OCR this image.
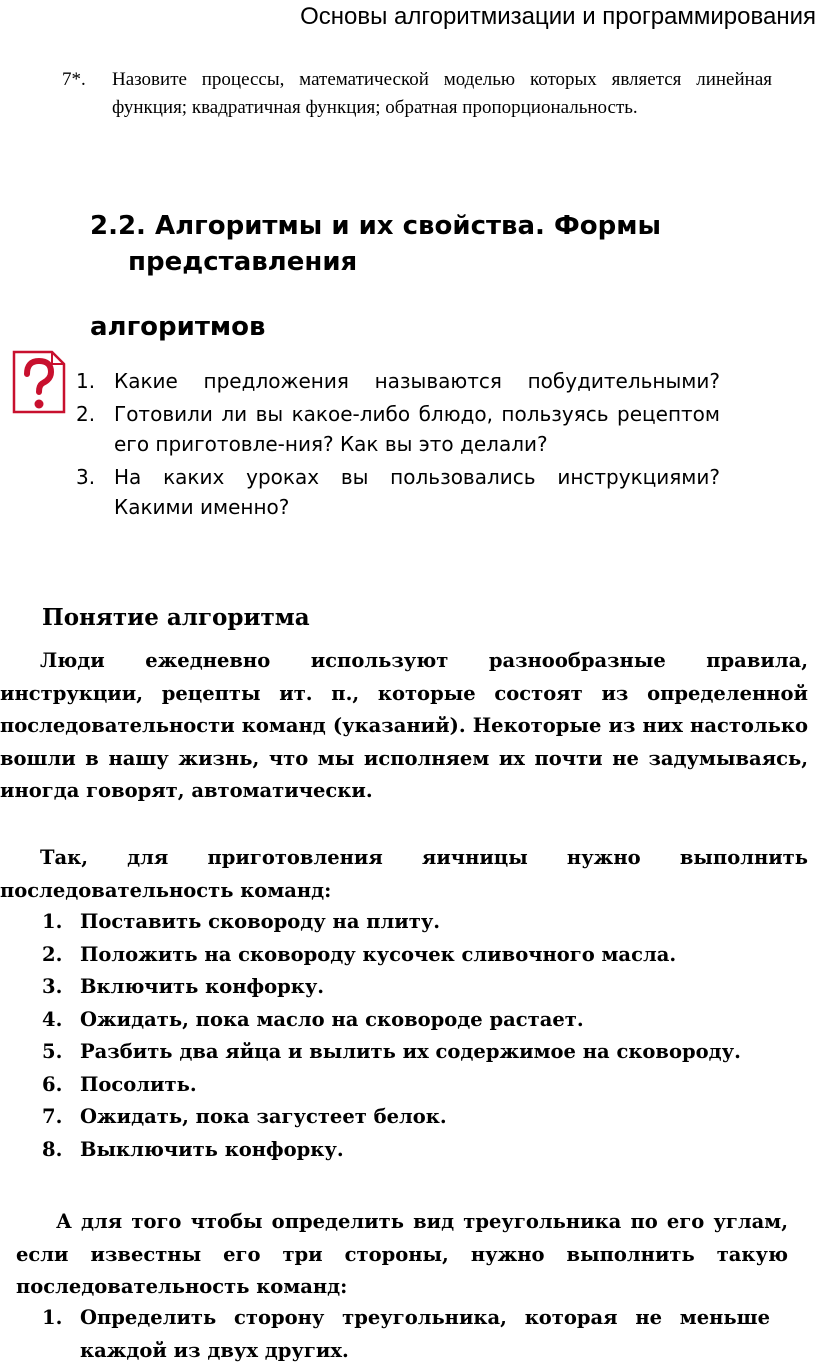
Основы алгоритмизации и программирования
7*. Назовите процессы, математической моделью которых является линейная функция; квадратичная функция; обратная пропорциональность.
2.2. Алгоритмы и их свойства. Формы
представления
алгоритмов
1. Какие предложения называются побудительными?
2. Готовили ли вы какое-либо блюдо, пользуясь рецептом его приготовле-ния? Как вы это делали?
3. На каких уроках вы пользовались инструкциями? Какими именно?
Понятие алгоритма

Люди ежедневно используют разнообразные правила, инструкции, рецепты ит. п., которые состоят из определенной последовательности команд (указаний). Некоторые из них настолько вошли в нашу жизнь, что мы исполняем их почти не задумываясь, иногда говорят, автоматически.

Так, для приготовления яичницы нужно выполнить последовательность команд:

1. Поставить сковороду на плиту.
2. Положить на сковороду кусочек сливочного масла.
3. Включить конфорку.
4. Ожидать, пока масло на сковороде растает.
5. Разбить два яйца и вылить их содержимое на сковороду.
6. Посолить.
7. Ожидать, пока загустеет белок.
8. Выключить конфорку.

А для того чтобы определить вид треугольника по его углам, если известны его три стороны, нужно выполнить такую последовательность команд:

1. Определить сторону треугольника, которая не меньше каждой из двух других.
